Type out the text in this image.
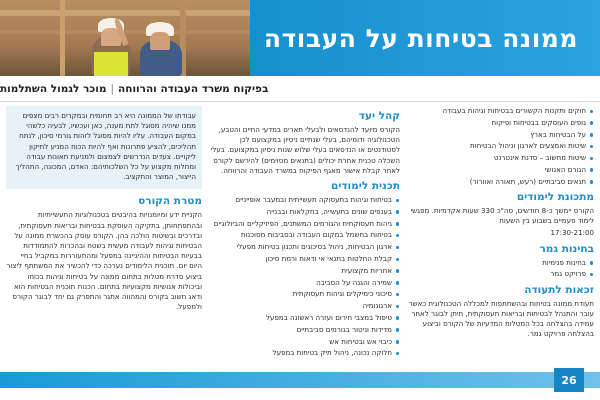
ממונה בטיחות על העבודה
בפיקוח משרד העבודה והרווחה
|
מוכר לגמול השתלמות

עבודתו של הממונה היא רב תחומית ובמקרים רבים מצפים ממנו שיהיה מסוגל לתת מענה, כאן ועכשיו, לבעיה כלשהי במקום העבודה. עליו להיות מסוגל לזהות גורמי סיכון, לנתח תהליכים, להציע פתרונות ואף להיות הכוח המניע לתיקון ליקויים. צעדים הנדרשים לצמצום ולמניעת תאונות עבודה ומחלות מקצוע על כל השלכותיהם: האדם, המכונה, התהליך הייצור, המוצר והתקציב.

מטרת הקורס

הקניית ידע ומיומנויות בהיבטים בטכנולוגיות התעשייתיות ובהתפתחותן, בתקיקה העוסקת בבטיחות ובריאות תעסוקתית, ובדרכים ובשיטות הולכה בהן. הקורס עוסק בהכשרת ממונה על הבטיחות וגיהות לעבודה מעשית בשטח ובהכרות להתמודדות בבעיות הבטיחות וההיגיינה במפעל ומהתעוררות במקביל בחיי היום יום. תוכנית הלימודים נערכה כדי להכשיר את המשתתף ליצור ביצוע סדרת מטלות בתחום ממונה על בטיחות וגיהות בכוחו וביכולות אנושיות מקצועיות בתחום. הכנות תוכנית הבטיחות הוא ודאג חשוב בקורס והמהווה אתגר והתפרק גם יחד לבוגר הקורס ולמפעל.

קהל יעד

הקורס מיועד להנדסאים ולבעלי תארים במדעי החיים והטבע, הטכנולוגיה ודומיהם, בעלי שנתיים ניסיון במקצועם לכן לסטודנטים או הנדסאים בעלי שלוש שנות ניסיון במקצועם. בעלי השכלה טכנית אחרת יכולים (בתנאים מסוימים) להירשם לקורס לאחר קבלת אישור מאגף הפיקוח במשרד העבודה והרווחה.

תכנית לימודים
בטיחות וגיהות בתעסוקה תעשייתית ובמעבר אופייניים
בענפים שונים בתעשייה, בחקלאות ובבנייה
גיהות תעסוקתית והגורמים המשתנים, הפיזיקליים והביולוגיים
בטיחות בחשמל במקום העבודה ובסביבות מסוכנות
ארגון הבטיחות, ניהול בסיכונים ותכנון בטיחות מפעלי
קבלת החלטות בתנאי אי ודאות ורמת סיכון
אחריות מקצועית
שמירה והגנה על הסביבה
סיכוני כימיקלים וגיהות תעסוקתית
ארגונומיה
טיפול במצבי חירום ועזרה ראשונה במפעל
מדידות וניטור בגורמים סביבתיים
כיבוי אש ובטיחות אש
חלוקה נכונה, ניהול תיק בטיחות במפעל
חוקים ותקנות הקשורים בבטיחות וגיהות בעבודה
גופים העוסקים בבטיחות ופיקוח
על הבטיחות בארץ
שיטות ואמצעים לארגון וניהול הבטיחות
שיטות מחשוב – סדנת אינטרנט
הגורם האנושי
תנאים סביבתיים (רעש, תאורה ואוורור)
מתכונת לימודים

הקורס יימשך כ-8 חודשים, סה"כ 330 שעות אקדמיות. מפגשי לימוד פעמיים בשבוע בין השעות

17:30-21:00

בחינות גמר
בחינות פנימיות
פרויקט גמר
זכאות לתעודה

תעודת ממונה בטיחות ובהשתתפות למכללה הטכנולוגית כאשר עובר והתנהל לבטיחות ובריאות תעסוקתית, תיתן לבוגר לאחר עמידה בהצלחה בכל המטלות המדעיות של הקורס וביצוע בהצלחה פרויקט גמר.

26
